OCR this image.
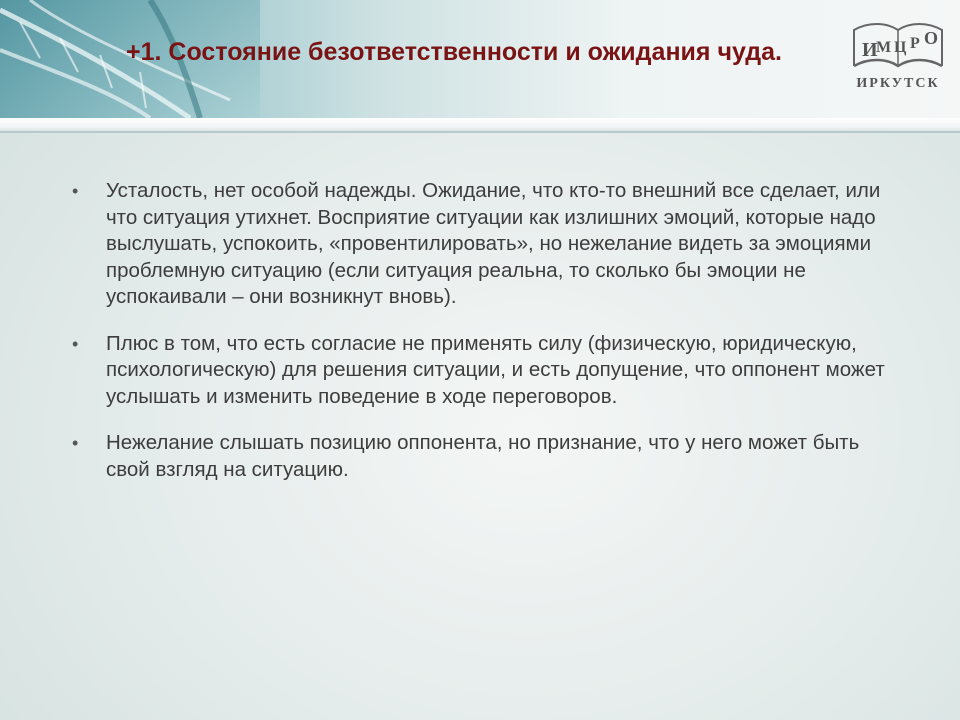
+1. Состояние безответственности и ожидания чуда.	И
М Ц Р О
ИРКУТСК
• Усталость, нет особой надежды. Ожидание, что кто-то внешний все сделает, или что ситуация утихнет. Восприятие ситуации как излишних эмоций, которые надо выслушать, успокоить, «провентилировать», но нежелание видеть за эмоциями проблемную ситуацию (если ситуация реальна, то сколько бы эмоции не успокаивали – они возникнут вновь).
• Плюс в том, что есть согласие не применять силу (физическую, юридическую, психологическую) для решения ситуации, и есть допущение, что оппонент может услышать и изменить поведение в ходе переговоров.
• Нежелание слышать позицию оппонента, но признание, что у него может быть свой взгляд на ситуацию.
